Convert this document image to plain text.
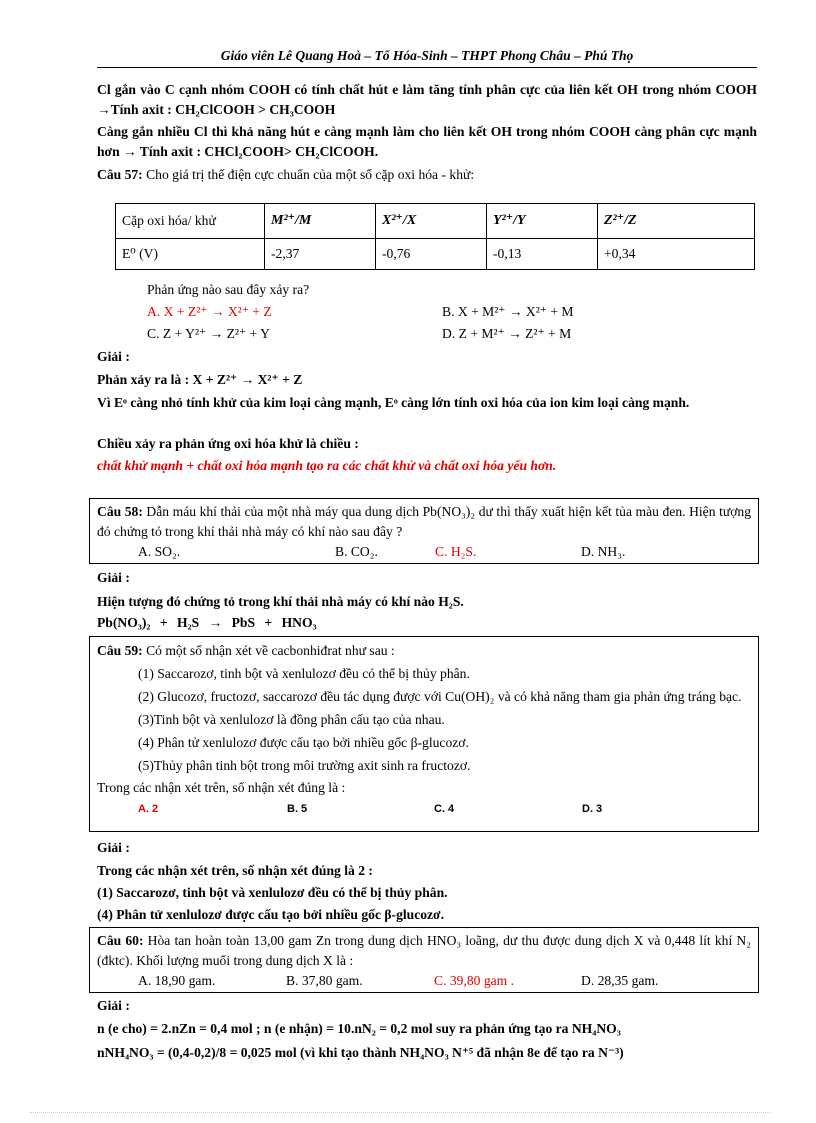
Giáo viên Lê Quang Hoà – Tổ Hóa-Sinh – THPT Phong Châu – Phú Thọ
Cl gắn vào C cạnh nhóm COOH có tính chất hút e làm tăng tính phân cực của liên kết OH trong nhóm COOH →Tính axit : CH₂ClCOOH > CH₃COOH
Càng gắn nhiều Cl thì khả năng hút e càng mạnh làm cho liên kết OH trong nhóm COOH càng phân cực mạnh hơn → Tính axit : CHCl₂COOH> CH₂ClCOOH.
Câu 57: Cho giá trị thế điện cực chuẩn của một số cặp oxi hóa - khử:
Cặp oxi hóa/ khử	M²⁺/M	X²⁺/X	Y²⁺/Y	Z²⁺/Z
E⁰ (V)	-2,37	-0,76	-0,13	+0,34
Phản ứng nào sau đây xảy ra?
A. X + Z²⁺ → X²⁺ + Z	B. X + M²⁺ → X²⁺ + M
C. Z + Y²⁺ → Z²⁺ + Y	D. Z + M²⁺ → Z²⁺ + M
Giải :
Phản xảy ra là : X + Z²⁺ → X²⁺ + Z
Vì Eᵒ càng nhỏ tính khử của kim loại càng mạnh, Eᵒ càng lớn tính oxi hóa của ion kim loại càng mạnh.
Chiều xảy ra phản ứng oxi hóa khử là chiều :
chất khử mạnh + chất oxi hóa mạnh tạo ra các chất khử và chất oxi hóa yếu hơn.
Câu 58: Dẫn máu khí thải của một nhà máy qua dung dịch Pb(NO₃)₂ dư thì thấy xuất hiện kết tủa màu đen. Hiện tượng đó chứng tỏ trong khí thải nhà máy có khí nào sau đây ?
A. SO₂.	B. CO₂.	C. H₂S.	D. NH₃.
Giải :
Hiện tượng đó chứng tỏ trong khí thải nhà máy có khí nào H₂S.
Pb(NO₃)₂ + H₂S → PbS + HNO₃
Câu 59: Có một số nhận xét về cacbonhiđrat như sau :
(1) Saccarozơ, tinh bột và xenlulozơ đều có thể bị thủy phân.
(2) Glucozơ, fructozơ, saccarozơ đều tác dụng được với Cu(OH)₂ và có khả năng tham gia phản ứng tráng bạc.
(3)Tinh bột và xenlulozơ là đồng phân cấu tạo của nhau.
(4) Phân tử xenlulozơ được cấu tạo bởi nhiều gốc β-glucozơ.
(5)Thủy phân tinh bột trong môi trường axit sinh ra fructozơ.
Trong các nhận xét trên, số nhận xét đúng là :
A. 2	B. 5	C. 4	D. 3
Giải :
Trong các nhận xét trên, số nhận xét đúng là 2 :
(1) Saccarozơ, tinh bột và xenlulozơ đều có thể bị thủy phân.
(4) Phân tử xenlulozơ được cấu tạo bởi nhiều gốc β-glucozơ.
Câu 60: Hòa tan hoàn toàn 13,00 gam Zn trong dung dịch HNO₃ loãng, dư thu được dung dịch X và 0,448 lít khí N₂ (đktc). Khối lượng muối trong dung dịch X là :
A. 18,90 gam.	B. 37,80 gam.	C. 39,80 gam .	D. 28,35 gam.
Giải :
n (e cho) = 2.nZn = 0,4 mol ; n (e nhận) = 10.nN₂ = 0,2 mol suy ra phản ứng tạo ra NH₄NO₃
nNH₄NO₃ = (0,4-0,2)/8 = 0,025 mol (vì khi tạo thành NH₄NO₃ N⁺⁵ đã nhận 8e để tạo ra N⁻³)
